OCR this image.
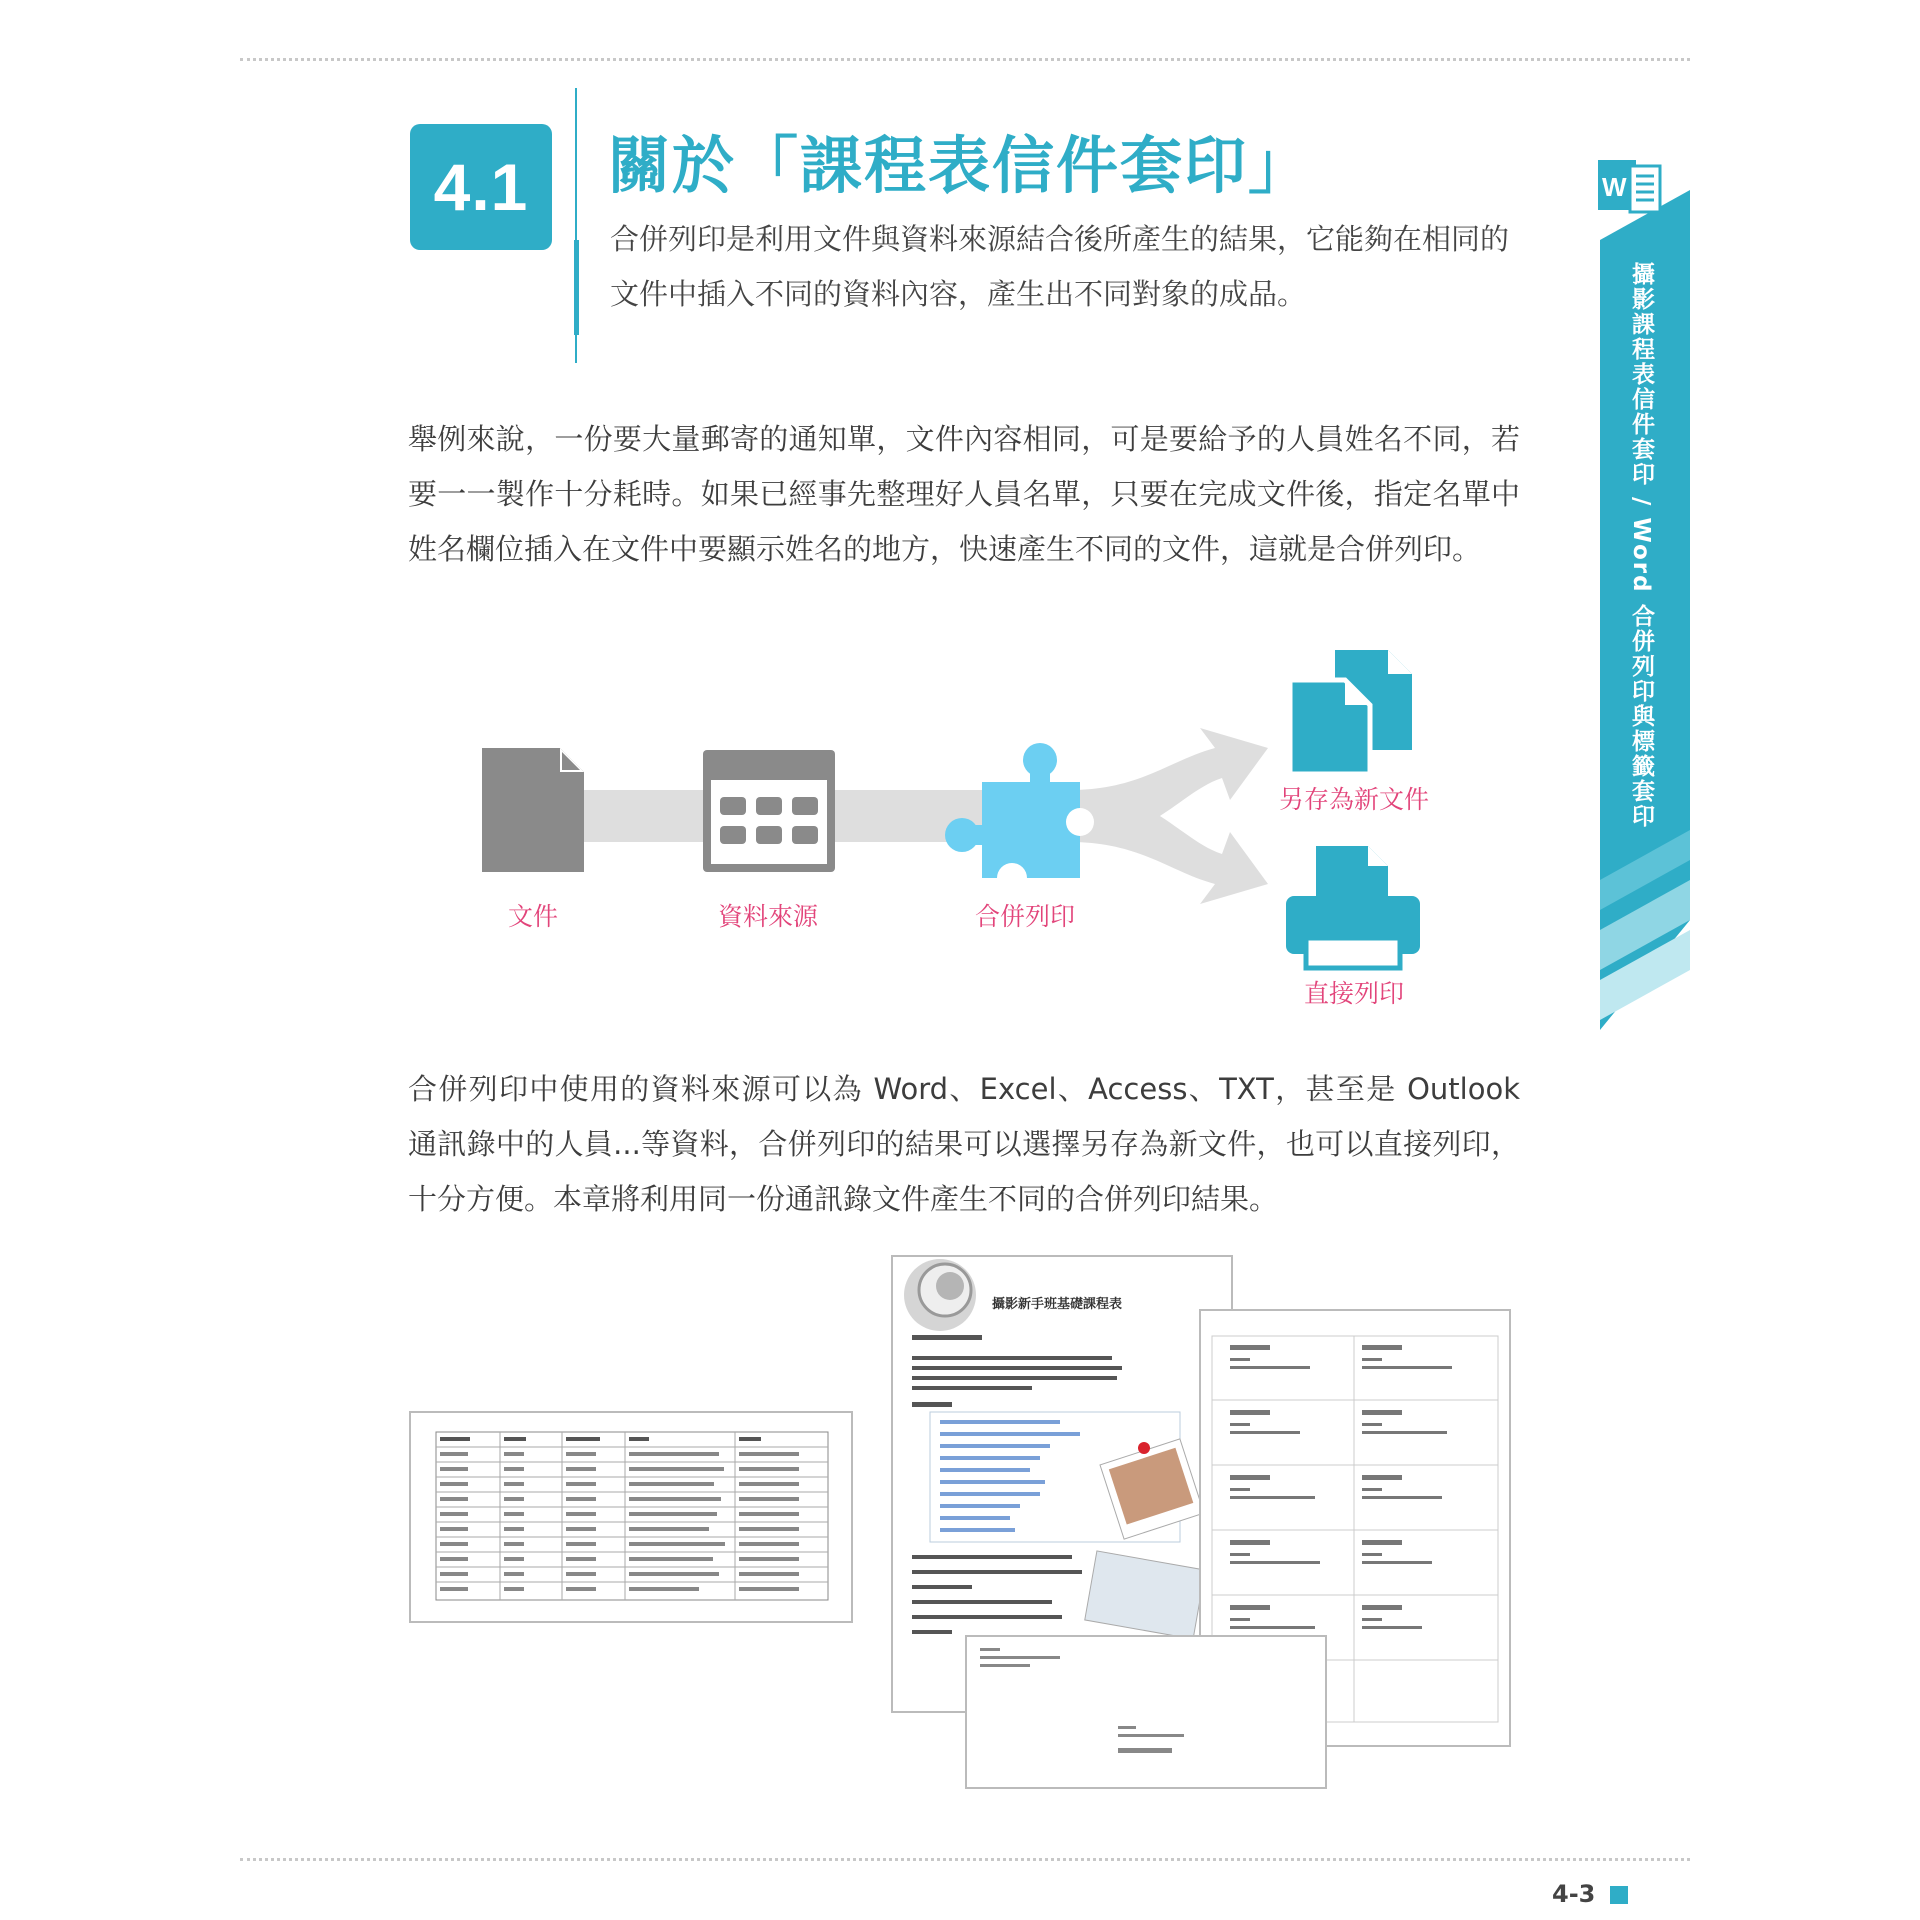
4.1	關於「課程表信件套印」

合併列印是利用文件與資料來源結合後所產生的結果，它能夠在相同的文件中插入不同的資料內容，產生出不同對象的成品。

舉例來說，一份要大量郵寄的通知單，文件內容相同，可是要給予的人員姓名不同，若要一一製作十分耗時。如果已經事先整理好人員名單，只要在完成文件後，指定名單中姓名欄位插入在文件中要顯示姓名的地方，快速產生不同的文件，這就是合併列印。

合併列印中使用的資料來源可以為 Word、Excel、Access、TXT，甚至是 Outlook 通訊錄中的人員...等資料，合併列印的結果可以選擇另存為新文件，也可以直接列印，十分方便。本章將利用同一份通訊錄文件產生不同的合併列印結果。

W
攝影課程表信件套印 / Word 合併列印與標籤套印
文件	資料來源	合併列印
另存為新文件
直接列印
攝影新手班基礎課程表
4-3
